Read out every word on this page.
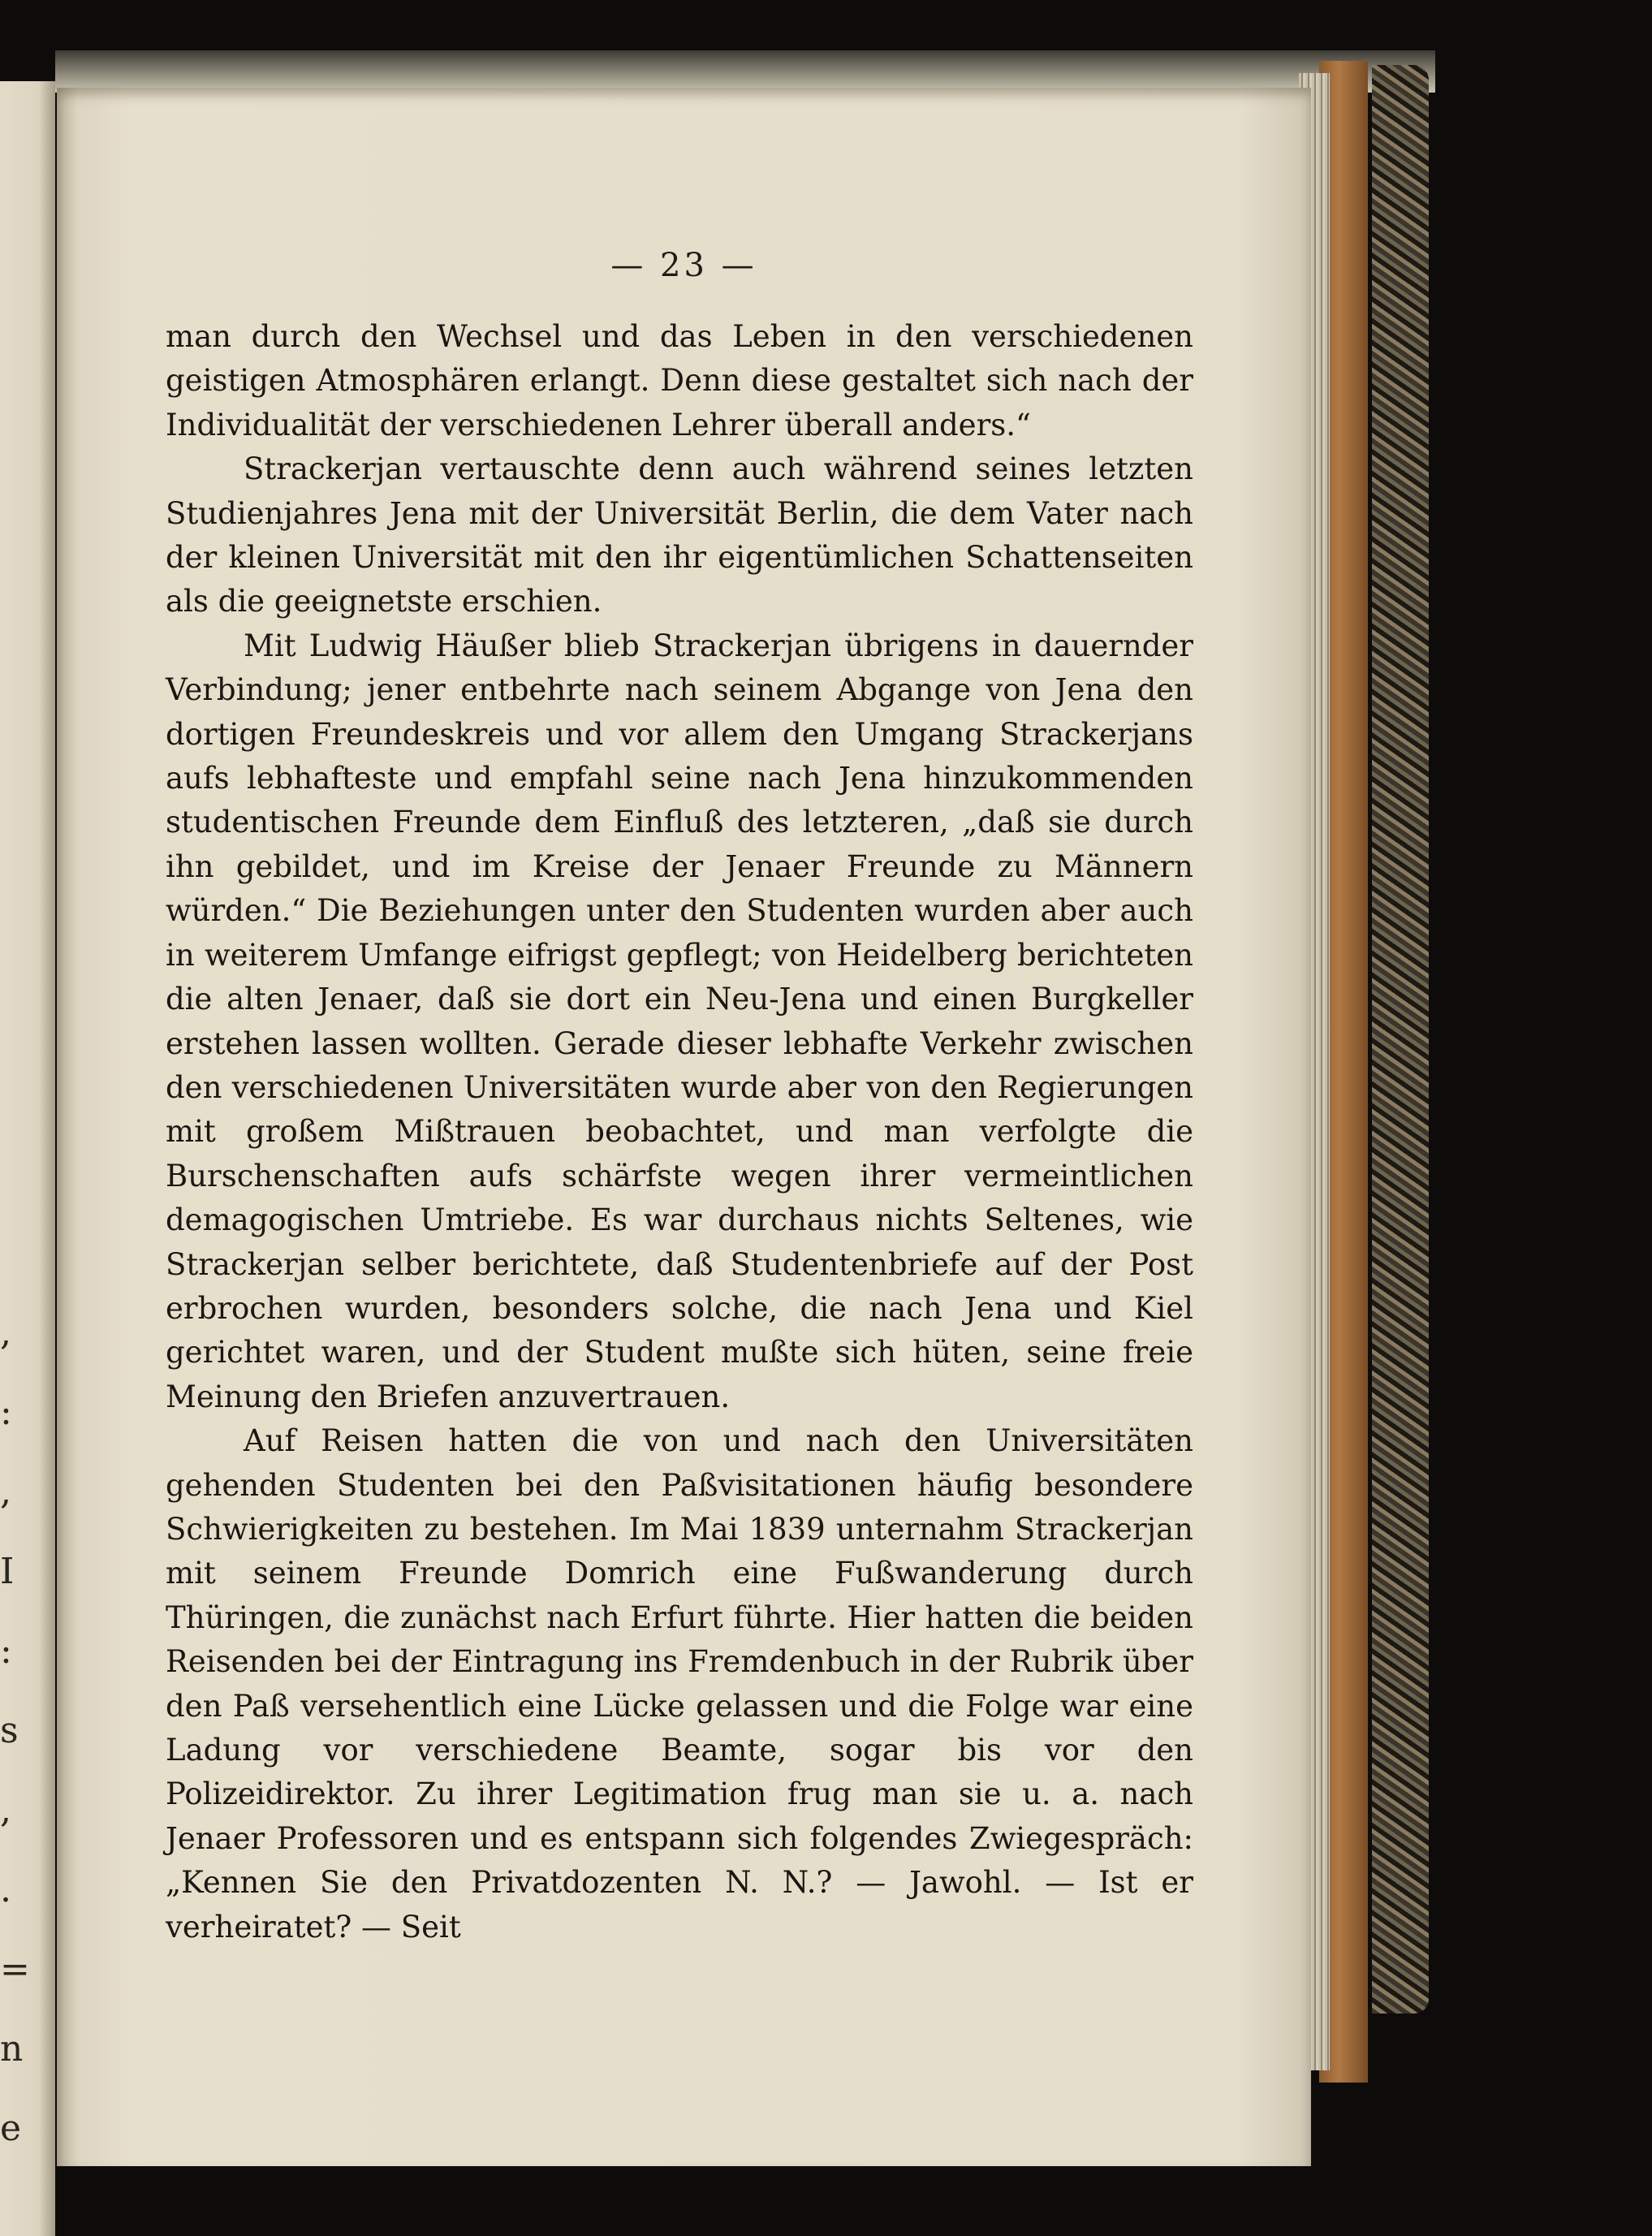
,
:
,
I
:
s
,
.
=
n
e
— 23 —

man durch den Wechsel und das Leben in den verschiedenen geistigen Atmosphären erlangt. Denn diese gestaltet sich nach der Individualität der verschiedenen Lehrer überall anders.“

Strackerjan vertauschte denn auch während seines letzten Studienjahres Jena mit der Universität Berlin, die dem Vater nach der kleinen Universität mit den ihr eigentümlichen Schattenseiten als die geeignetste erschien.

Mit Ludwig Häußer blieb Strackerjan übrigens in dauernder Verbindung; jener entbehrte nach seinem Abgange von Jena den dortigen Freundeskreis und vor allem den Umgang Strackerjans aufs lebhafteste und empfahl seine nach Jena hinzukommenden studentischen Freunde dem Einfluß des letzteren, „daß sie durch ihn gebildet, und im Kreise der Jenaer Freunde zu Männern würden.“ Die Beziehungen unter den Studenten wurden aber auch in weiterem Umfange eifrigst gepflegt; von Heidelberg berichteten die alten Jenaer, daß sie dort ein Neu-Jena und einen Burgkeller erstehen lassen wollten. Gerade dieser lebhafte Verkehr zwischen den verschiedenen Universitäten wurde aber von den Regierungen mit großem Mißtrauen beobachtet, und man verfolgte die Burschenschaften aufs schärfste wegen ihrer vermeintlichen demagogischen Umtriebe. Es war durchaus nichts Seltenes, wie Strackerjan selber berichtete, daß Studentenbriefe auf der Post erbrochen wurden, besonders solche, die nach Jena und Kiel gerichtet waren, und der Student mußte sich hüten, seine freie Meinung den Briefen anzuvertrauen.

Auf Reisen hatten die von und nach den Universitäten gehenden Studenten bei den Paßvisitationen häufig besondere Schwierigkeiten zu bestehen. Im Mai 1839 unternahm Strackerjan mit seinem Freunde Domrich eine Fußwanderung durch Thüringen, die zunächst nach Erfurt führte. Hier hatten die beiden Reisenden bei der Eintragung ins Fremdenbuch in der Rubrik über den Paß versehentlich eine Lücke gelassen und die Folge war eine Ladung vor verschiedene Beamte, sogar bis vor den Polizeidirektor. Zu ihrer Legitimation frug man sie u. a. nach Jenaer Professoren und es entspann sich folgendes Zwiegespräch: „Kennen Sie den Privatdozenten N. N.? — Jawohl. — Ist er verheiratet? — Seit
